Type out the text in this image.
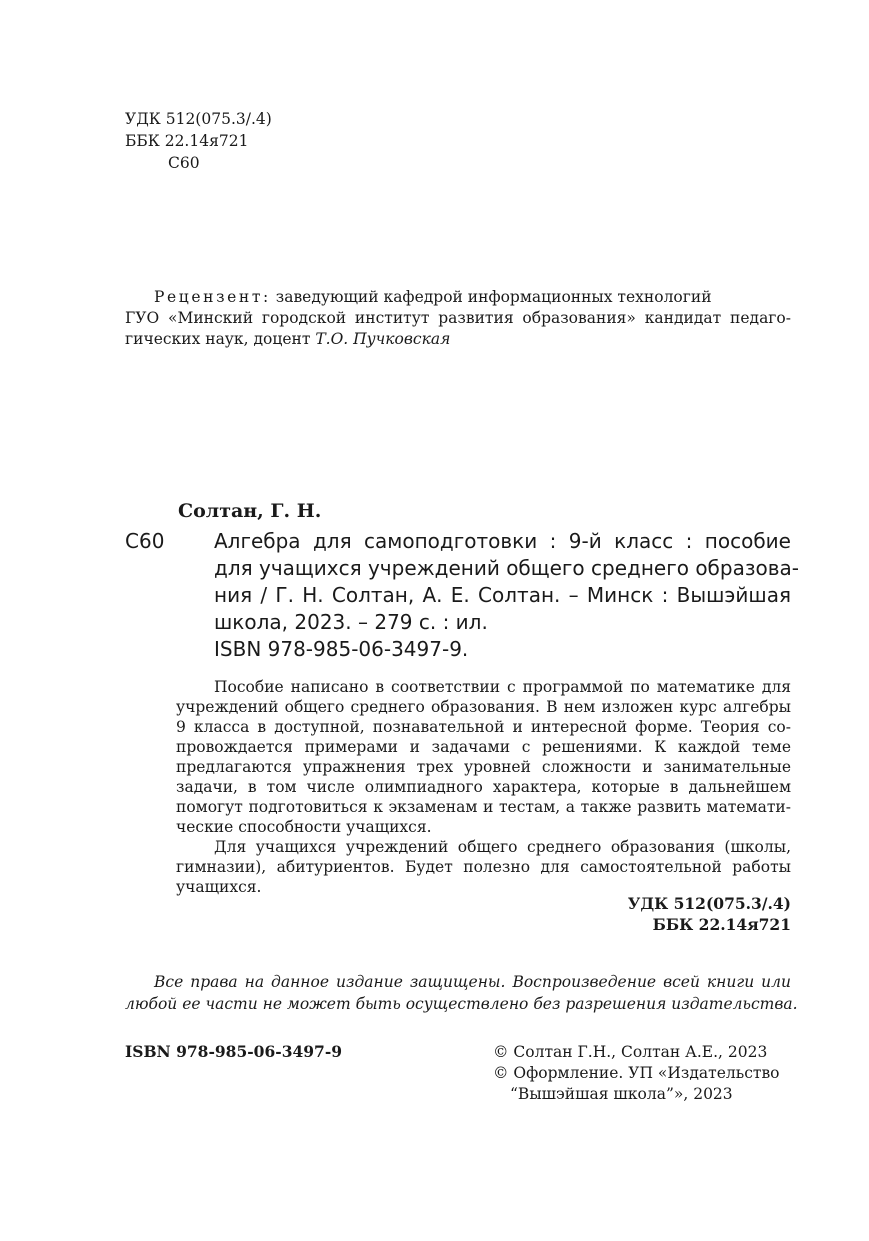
УДК 512(075.3/.4)
ББК 22.14я721
С60

Рецензент: заведующий кафедрой информационных технологий

ГУО «Минский городской институт развития образования» кандидат педаго-
гических наук, доцент Т.О. Пучковская
Солтан, Г. Н.
С60 Алгебра для самоподготовки : 9-й класс : пособие
для учащихся учреждений общего среднего образова-
ния / Г. Н. Солтан, А. Е. Солтан. – Минск : Вышэйшая
школа, 2023. – 279 с. : ил.
ISBN 978-985-06-3497-9.
Пособие написано в соответствии с программой по математике для
учреждений общего среднего образования. В нем изложен курс алгебры
9 класса в доступной, познавательной и интересной форме. Теория со-
провождается примерами и задачами с решениями. К каждой теме
предлагаются упражнения трех уровней сложности и занимательные
задачи, в том числе олимпиадного характера, которые в дальнейшем
помогут подготовиться к экзаменам и тестам, а также развить математи-
ческие способности учащихся.
Для учащихся учреждений общего среднего образования (школы,
гимназии), абитуриентов. Будет полезно для самостоятельной работы
учащихся.
УДК 512(075.3/.4)
ББК 22.14я721
Все права на данное издание защищены. Воспроизведение всей книги или
любой ее части не может быть осуществлено без разрешения издательства.
ISBN 978-985-06-3497-9	© Солтан Г.Н., Солтан А.Е., 2023
© Оформление. УП «Издательство
“Вышэйшая школа”», 2023
